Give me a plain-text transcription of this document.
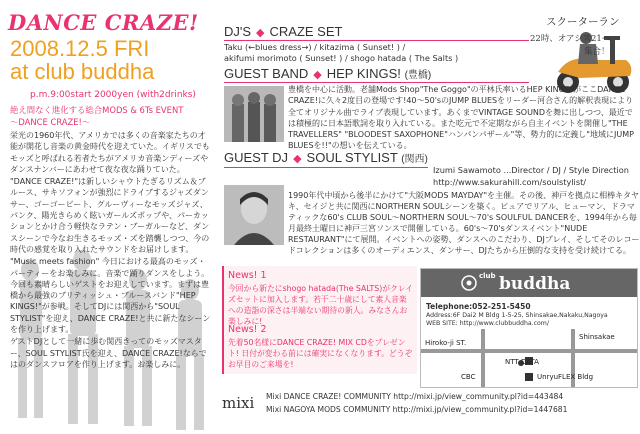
DANCE CRAZE!
2008.12.5 FRI
at club buddha
p.m.9:00start 2000yen (with2drinks)
絶え間なく進化する総合MODS & 6Ts EVENT
〜DANCE CRAZE!〜

栄光の1960年代、アメリカでは多くの音楽家たちの才能が開花し音楽の黄金時代を迎えていた。イギリスでもモッズと呼ばれる若者たちがアメリカ音楽ンディーズやダンスナンバーにあわせて夜な夜な踊りていた。

"DANCE CRAZE!"は新しいシャウトたぎるリズム＆ブルース、サキソフォンが強烈にドライブするジャズダンサー、ゴーゴービート、グルーヴィーなモッズジャズ、パンク、陽光きらめく眩いガールズポップや、パーカッションとかけ合う軽快なラテン・ブーガルーなど、ダンスシーンで今なお生きるモッズ・ズを踏襲しつつ、今の時代の感覚を取り入れたサウンドをお届けします。

"Music meets fashion" 今日における最高のモッズ・パーティーをお楽しみに。音楽で踊りダンスをしよう。今回も素晴らしいゲストをお迎えしています。まずは豊橋から最強のブリティッシュ・ブルースバンド"HEP KINGS!"が参戦。そしてDJには関西から"SOUL STYLIST"を迎え、DANCE CRAZE!と共に新たなシーンを作り上げます。

ゲストDJとして一緒に歩む関西きってのモッズマスター、SOUL STYLIST氏を迎え、DANCE CRAZE!ならではのダンスフロアを作り上げます。お楽しみに。

DJ'S ◆ CRAZE SET
Taku (←blues dress→) / kitazima ( Sunset! ) /
akifumi morimoto ( Sunset! ) / shogo hatada ( The Salts )
スクーターラン
22時、オアシス21へ
集合！
GUEST BAND ◆ HEP KINGS! (豊橋)
豊橋を中心に活動。老舗Mods Shop"The Goggo"の平林氏率いるHEP KINGS!がここDANCE CRAZE!に久々2度目の登場です!40〜50'sのJUMP BLUESをリーダー河合さん的解釈表現により全てオリジナル曲でライブ表現しています。あくまでVINTAGE SOUNDを舞に出しつつ、最近では積極的に日本語歌詞を取り入れている。また吃元で不定期ながら自主イベントを開催し"THE TRAVELLERS" "BLOODEST SAXOPHONE"ハンパンパザール"等、勢力的に定義し"地域にJUMP BLUESを!!"の想いを伝えている。
GUEST DJ ◆ SOUL STYLIST (関西)
Izumi Sawamoto ...Director / DJ / Style Direction
http://www.sakurahill.com/soulstylist/
1990年代中頃から後半にかけて"大阪MODS MAYDAY"を主催。その後、神戸を拠点に相棒キタヤキ、セイジと共に関西にNORTHERN SOULシーンを築く。ピュアでリアル、ヒューマン、ドラマティックな60's CLUB SOUL〜NORTHERN SOUL〜70's SOULFUL DANCERを、1994年から毎月最終土曜日に神戸三宮ソンスで開催している。60's〜70'sダンスイベント"NUDE RESTAURANT"にて展開。イベントへの姿勢、ダンスへのこだわり、DJプレイ、そしてそのレコードコレクションは多くのオーディエンス、ダンサー、DJたちから圧倒的な支持を受け続けてる。
News! 1
今回から新たにshogo hatada(The SALTS)がクレイズセットに加入します。若干二十歳にして素人音楽への造詣の深さは半端ない期待の新人。みなさんお楽しみに!
News! 2
先着50名様にDANCE CRAZE! MIX CDをプレゼント! 日付が変わる前には確実になくなります。どうぞお早目のご来場を!
club buddha
Telephone:052-251-5450
Address:6F Dai2 M Bldg 1-5-25, Shinsakae,Nakaku,Nagoya
WEB SITE: http://www.clubbuddha.com/
Shinsakae
Hiroko-ji ST.
NTT DATA
CBC	UnryuFLEX Bldg
mixi Mixi DANCE CRAZE! COMMUNITY http://mixi.jp/view_community.pl?id=443484
Mixi NAGOYA MODS COMMUNITY http://mixi.jp/view_community.pl?id=1447681
